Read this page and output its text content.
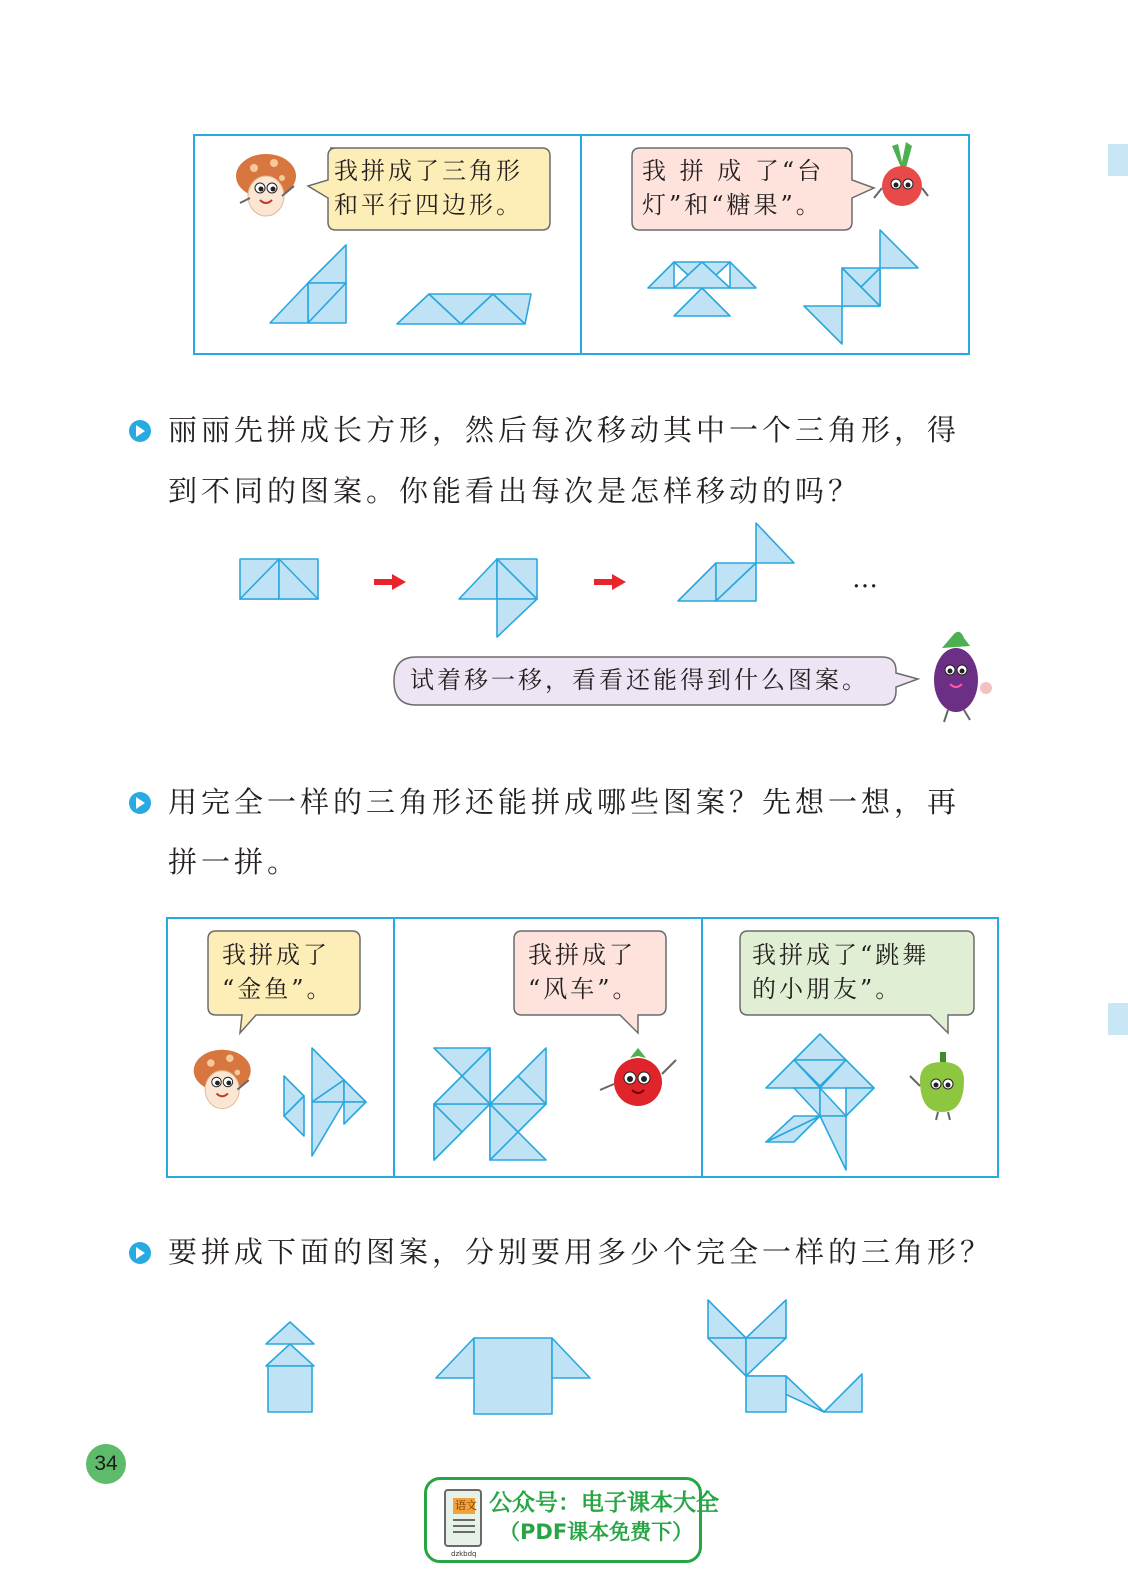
我拼成了三角形
和平行四边形。
我 拼 成 了“台
灯”和“糖果”。
丽丽先拼成长方形，然后每次移动其中一个三角形，得
到不同的图案。你能看出每次是怎样移动的吗？
…
试着移一移，看看还能得到什么图案。
用完全一样的三角形还能拼成哪些图案？先想一想，再
拼一拼。
我拼成了
“金鱼”。
我拼成了
“风车”。
我拼成了“跳舞
的小朋友”。
要拼成下面的图案，分别要用多少个完全一样的三角形？
34
语文
dzkbdq
公众号：电子课本大全
（PDF课本免费下）
